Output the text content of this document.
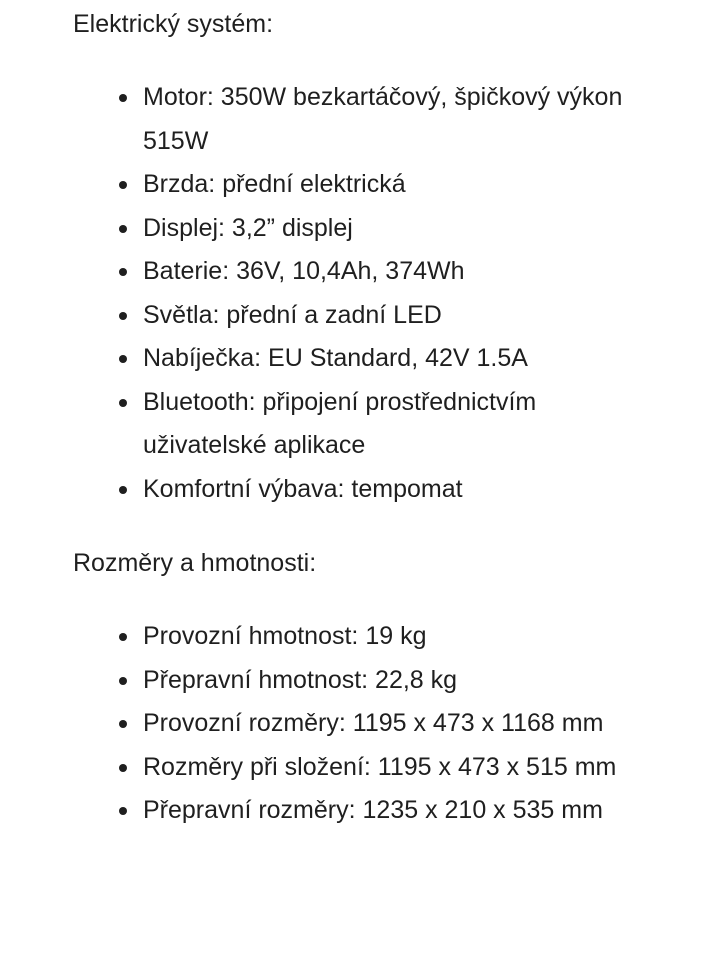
Elektrický systém:

Motor: 350W bezkartáčový, špičkový výkon 515W
Brzda: přední elektrická
Displej: 3,2” displej
Baterie: 36V, 10,4Ah, 374Wh
Světla: přední a zadní LED
Nabíječka: EU Standard, 42V 1.5A
Bluetooth: připojení prostřednictvím uživatelské aplikace
Komfortní výbava: tempomat

Rozměry a hmotnosti:

Provozní hmotnost: 19 kg
Přepravní hmotnost: 22,8 kg
Provozní rozměry: 1195 x 473 x 1168 mm
Rozměry při složení: 1195 x 473 x 515 mm
Přepravní rozměry: 1235 x 210 x 535 mm
